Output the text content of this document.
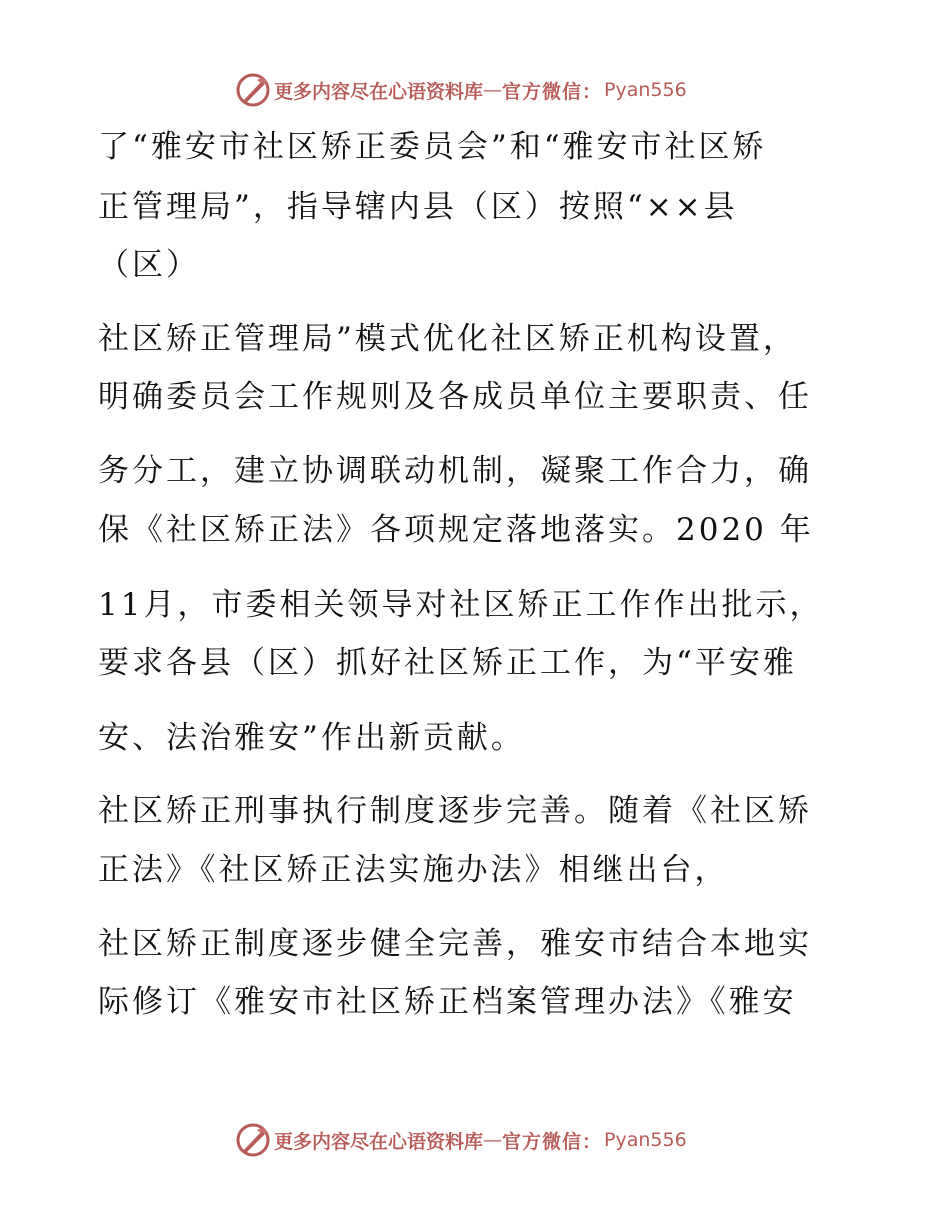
更多内容尽在心语资料库 — 官方微信： Pyan556
了“雅安市社区矫正委员会”和“雅安市社区矫
正管理局”，指导辖内县（区）按照“××县
（区）
社区矫正管理局”模式优化社区矫正机构设置，
明确委员会工作规则及各成员单位主要职责、任
务分工，建立协调联动机制，凝聚工作合力，确
保《社区矫正法》各项规定落地落实。2020 年
11月，市委相关领导对社区矫正工作作出批示，
要求各县（区）抓好社区矫正工作，为“平安雅
安、法治雅安”作出新贡献。
社区矫正刑事执行制度逐步完善。随着《社区矫
正法》《社区矫正法实施办法》相继出台，
社区矫正制度逐步健全完善，雅安市结合本地实
际修订《雅安市社区矫正档案管理办法》《雅安
更多内容尽在心语资料库 — 官方微信： Pyan556
